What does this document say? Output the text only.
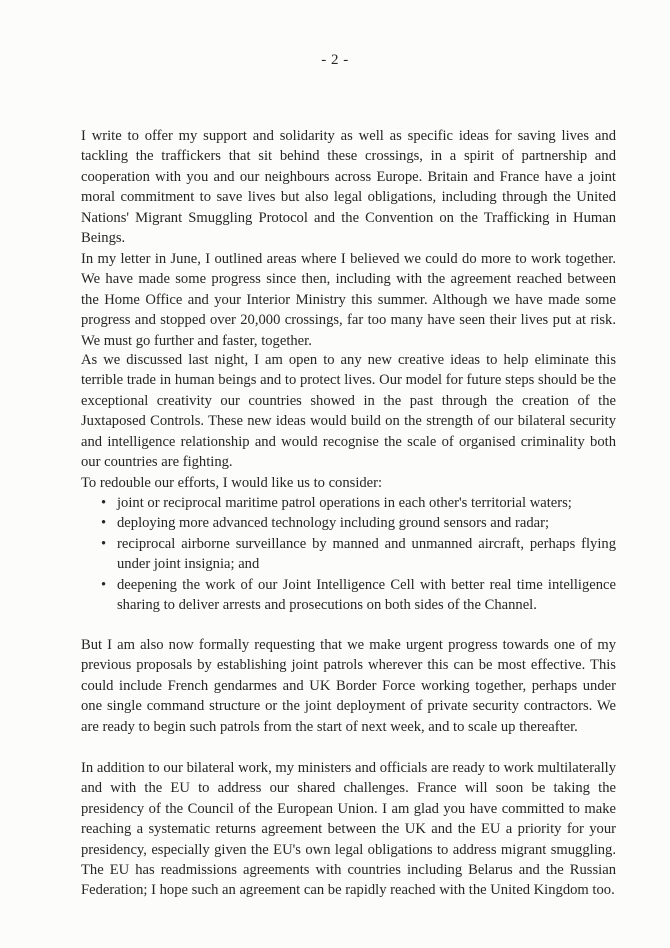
- 2 -

I write to offer my support and solidarity as well as specific ideas for saving lives and tackling the traffickers that sit behind these crossings, in a spirit of partnership and cooperation with you and our neighbours across Europe. Britain and France have a joint moral commitment to save lives but also legal obligations, including through the United Nations' Migrant Smuggling Protocol and the Convention on the Trafficking in Human Beings.

In my letter in June, I outlined areas where I believed we could do more to work together. We have made some progress since then, including with the agreement reached between the Home Office and your Interior Ministry this summer. Although we have made some progress and stopped over 20,000 crossings, far too many have seen their lives put at risk. We must go further and faster, together.

As we discussed last night, I am open to any new creative ideas to help eliminate this terrible trade in human beings and to protect lives. Our model for future steps should be the exceptional creativity our countries showed in the past through the creation of the Juxtaposed Controls. These new ideas would build on the strength of our bilateral security and intelligence relationship and would recognise the scale of organised criminality both our countries are fighting.

To redouble our efforts, I would like us to consider:

• joint or reciprocal maritime patrol operations in each other's territorial waters;
• deploying more advanced technology including ground sensors and radar;
• reciprocal airborne surveillance by manned and unmanned aircraft, perhaps flying under joint insignia; and
• deepening the work of our Joint Intelligence Cell with better real time intelligence sharing to deliver arrests and prosecutions on both sides of the Channel.

But I am also now formally requesting that we make urgent progress towards one of my previous proposals by establishing joint patrols wherever this can be most effective. This could include French gendarmes and UK Border Force working together, perhaps under one single command structure or the joint deployment of private security contractors. We are ready to begin such patrols from the start of next week, and to scale up thereafter.

In addition to our bilateral work, my ministers and officials are ready to work multilaterally and with the EU to address our shared challenges. France will soon be taking the presidency of the Council of the European Union. I am glad you have committed to make reaching a systematic returns agreement between the UK and the EU a priority for your presidency, especially given the EU's own legal obligations to address migrant smuggling. The EU has readmissions agreements with countries including Belarus and the Russian Federation; I hope such an agreement can be rapidly reached with the United Kingdom too.
